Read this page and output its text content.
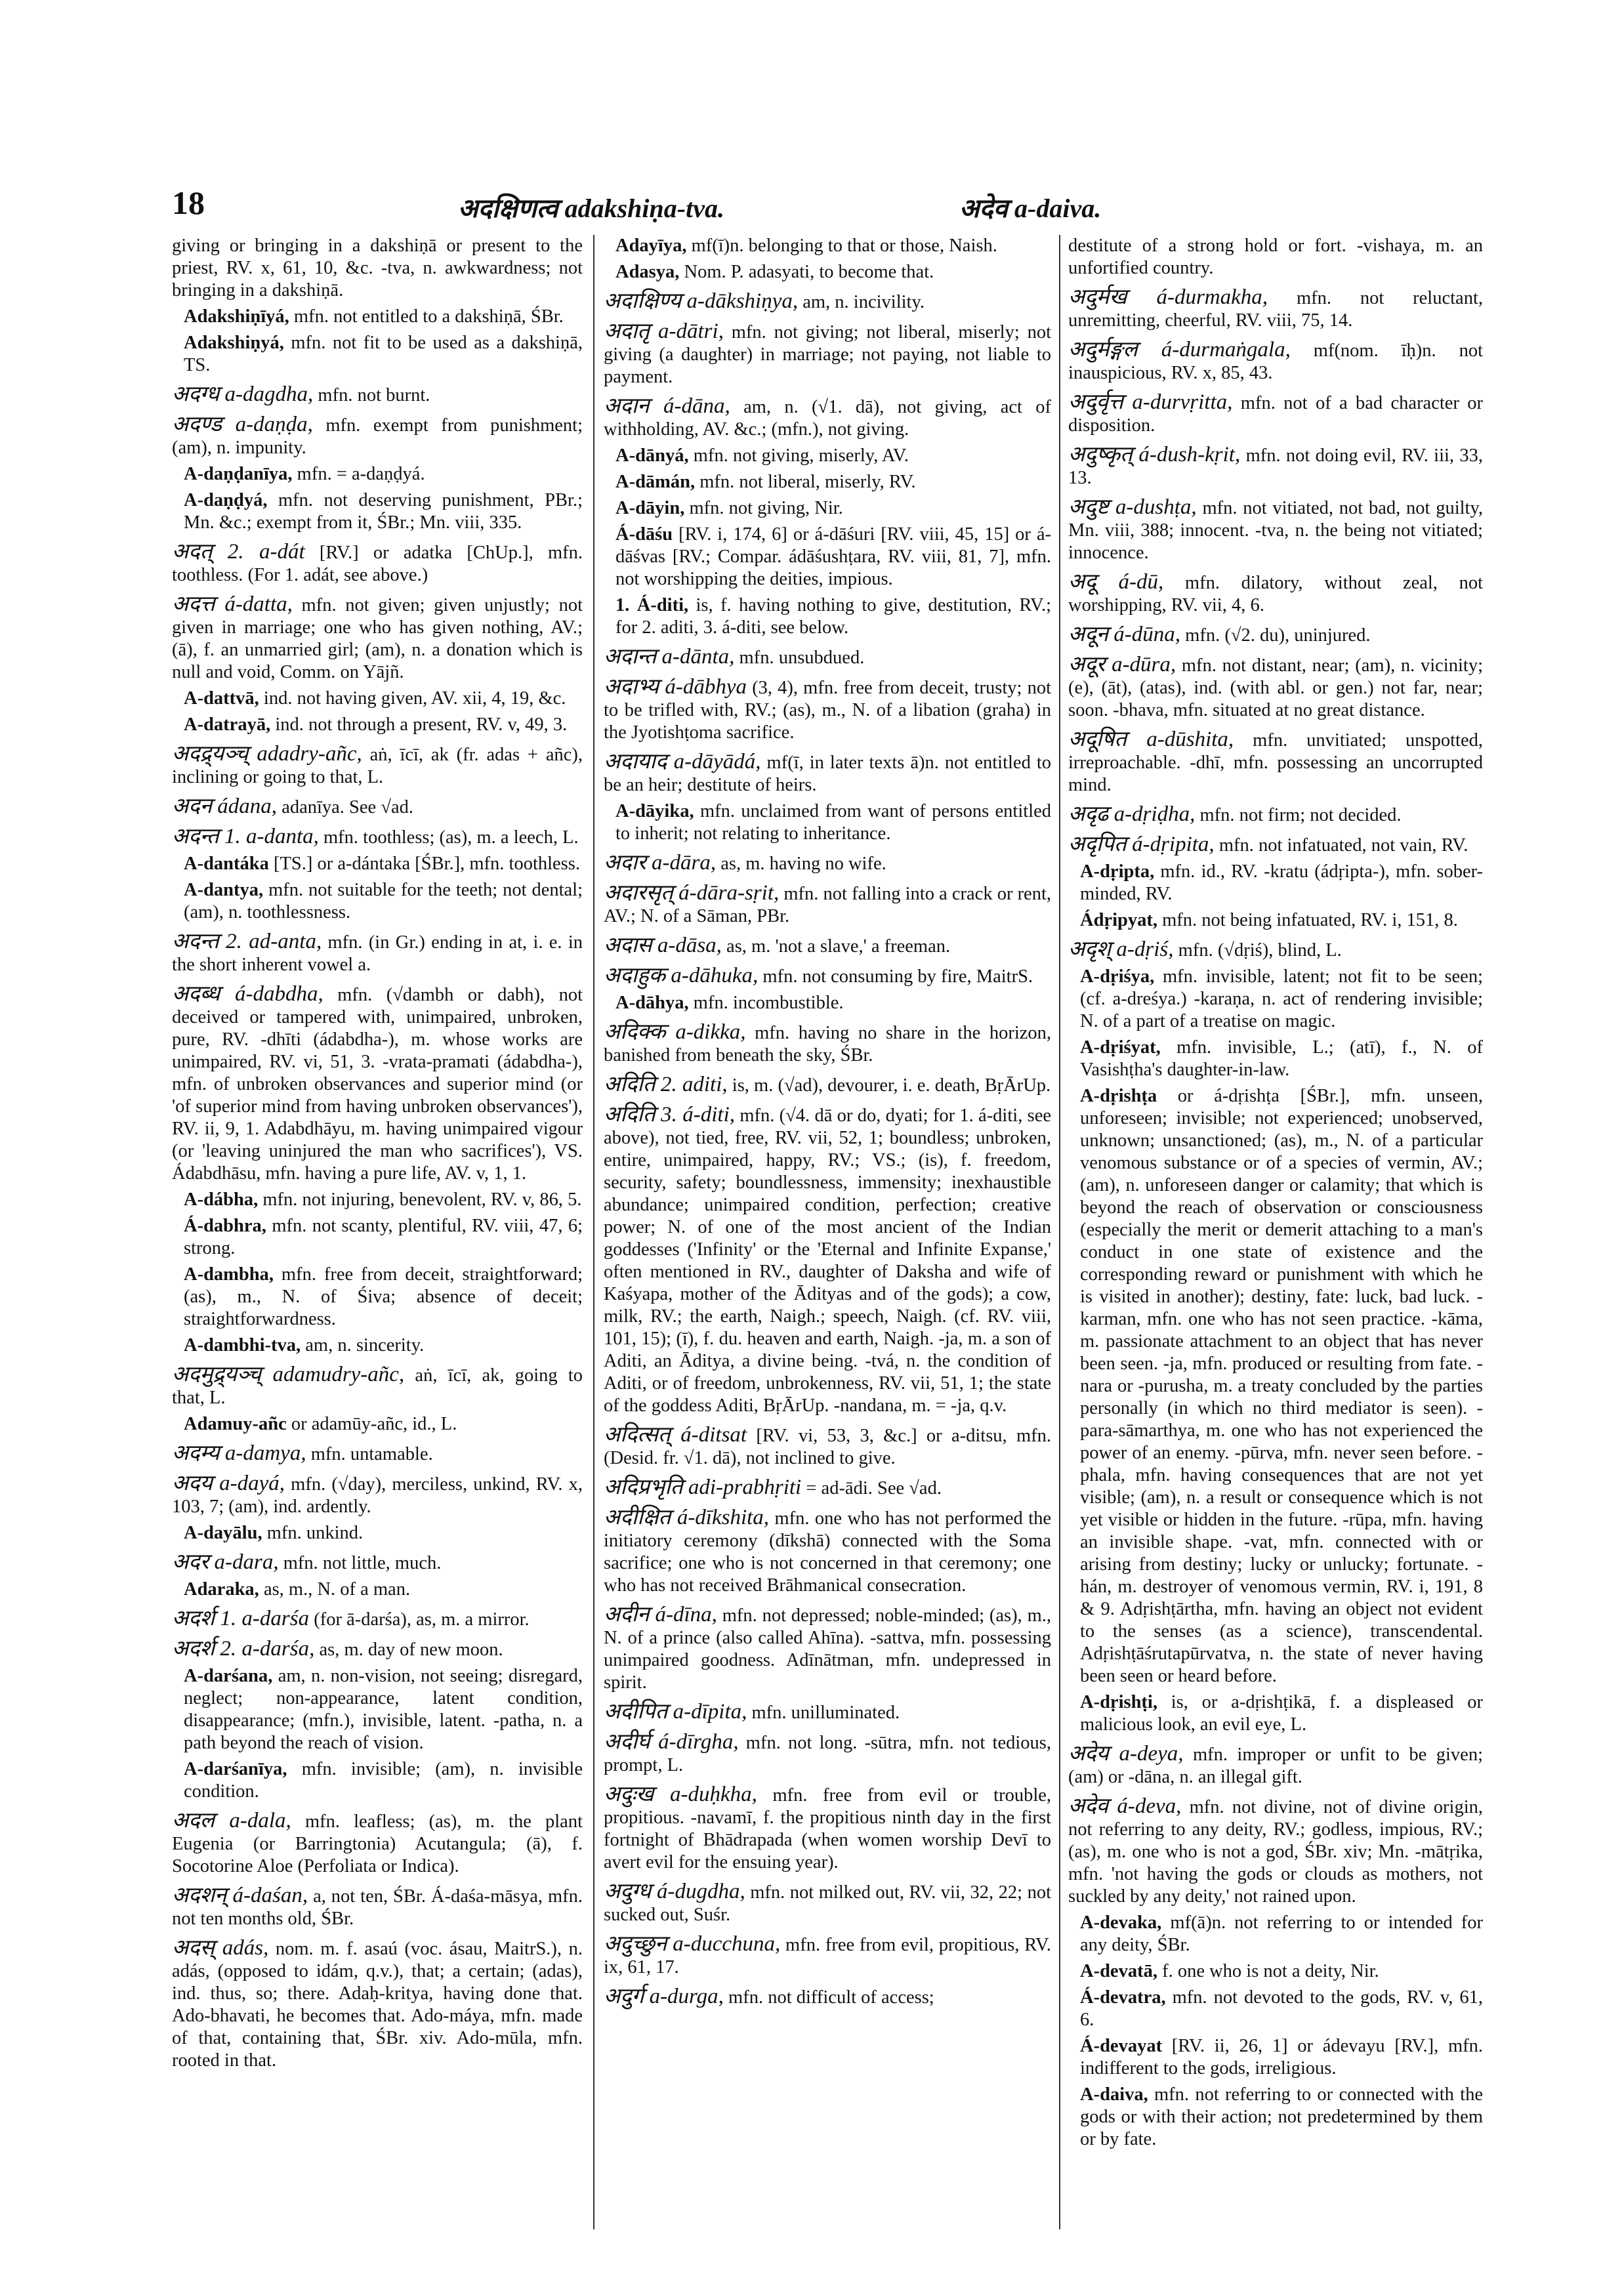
18	अदक्षिणत्व adakshiṇa-tva.	अदेव a-daiva.

giving or bringing in a dakshiṇā or present to the priest, RV. x, 61, 10, &c. -tva, n. awkwardness; not bringing in a dakshiṇā.

Adakshiṇīyá, mfn. not entitled to a dakshiṇā, ŚBr.

Adakshiṇyá, mfn. not fit to be used as a dakshiṇā, TS.

अदग्ध a-dagdha, mfn. not burnt.

अदण्ड a-daṇḍa, mfn. exempt from punishment; (am), n. impunity.

A-daṇḍanīya, mfn. = a-daṇḍyá.

A-daṇḍyá, mfn. not deserving punishment, PBr.; Mn. &c.; exempt from it, ŚBr.; Mn. viii, 335.

अदत् 2. a-dát [RV.] or adatka [ChUp.], mfn. toothless. (For 1. adát, see above.)

अदत्त á-datta, mfn. not given; given unjustly; not given in marriage; one who has given nothing, AV.; (ā), f. an unmarried girl; (am), n. a donation which is null and void, Comm. on Yājñ.

A-dattvā, ind. not having given, AV. xii, 4, 19, &c.

A-datrayā, ind. not through a present, RV. v, 49, 3.

अदद्र्यञ्च् adadry-añc, aṅ, īcī, ak (fr. adas + añc), inclining or going to that, L.

अदन ádana, adanīya. See √ad.

अदन्त 1. a-danta, mfn. toothless; (as), m. a leech, L.

A-dantáka [TS.] or a-dántaka [ŚBr.], mfn. toothless.

A-dantya, mfn. not suitable for the teeth; not dental; (am), n. toothlessness.

अदन्त 2. ad-anta, mfn. (in Gr.) ending in at, i. e. in the short inherent vowel a.

अदब्ध á-dabdha, mfn. (√dambh or dabh), not deceived or tampered with, unimpaired, unbroken, pure, RV. -dhīti (ádabdha-), m. whose works are unimpaired, RV. vi, 51, 3. -vrata-pramati (ádabdha-), mfn. of unbroken observances and superior mind (or 'of superior mind from having unbroken observances'), RV. ii, 9, 1. Adabdhāyu, m. having unimpaired vigour (or 'leaving uninjured the man who sacrifices'), VS. Ádabdhāsu, mfn. having a pure life, AV. v, 1, 1.

A-dábha, mfn. not injuring, benevolent, RV. v, 86, 5.

Á-dabhra, mfn. not scanty, plentiful, RV. viii, 47, 6; strong.

A-dambha, mfn. free from deceit, straightforward; (as), m., N. of Śiva; absence of deceit; straightforwardness.

A-dambhi-tva, am, n. sincerity.

अदमुद्र्यञ्च् adamudry-añc, aṅ, īcī, ak, going to that, L.

Adamuy-añc or adamūy-añc, id., L.

अदम्य a-damya, mfn. untamable.

अदय a-dayá, mfn. (√day), merciless, unkind, RV. x, 103, 7; (am), ind. ardently.

A-dayālu, mfn. unkind.

अदर a-dara, mfn. not little, much.

Adaraka, as, m., N. of a man.

अदर्श 1. a-darśa (for ā-darśa), as, m. a mirror.

अदर्श 2. a-darśa, as, m. day of new moon.

A-darśana, am, n. non-vision, not seeing; disregard, neglect; non-appearance, latent condition, disappearance; (mfn.), invisible, latent. -patha, n. a path beyond the reach of vision.

A-darśanīya, mfn. invisible; (am), n. invisible condition.

अदल a-dala, mfn. leafless; (as), m. the plant Eugenia (or Barringtonia) Acutangula; (ā), f. Socotorine Aloe (Perfoliata or Indica).

अदशन् á-daśan, a, not ten, ŚBr. Á-daśa-māsya, mfn. not ten months old, ŚBr.

अदस् adás, nom. m. f. asaú (voc. ásau, MaitrS.), n. adás, (opposed to idám, q.v.), that; a certain; (adas), ind. thus, so; there. Adaḥ-kritya, having done that. Ado-bhavati, he becomes that. Ado-máya, mfn. made of that, containing that, ŚBr. xiv. Ado-mūla, mfn. rooted in that.

Adayīya, mf(ī)n. belonging to that or those, Naish.

Adasya, Nom. P. adasyati, to become that.

अदाक्षिण्य a-dākshiṇya, am, n. incivility.

अदातृ a-dātri, mfn. not giving; not liberal, miserly; not giving (a daughter) in marriage; not paying, not liable to payment.

अदान á-dāna, am, n. (√1. dā), not giving, act of withholding, AV. &c.; (mfn.), not giving.

A-dānyá, mfn. not giving, miserly, AV.

A-dāmán, mfn. not liberal, miserly, RV.

A-dāyin, mfn. not giving, Nir.

Á-dāśu [RV. i, 174, 6] or á-dāśuri [RV. viii, 45, 15] or á-dāśvas [RV.; Compar. ádāśushṭara, RV. viii, 81, 7], mfn. not worshipping the deities, impious.

1. Á-diti, is, f. having nothing to give, destitution, RV.; for 2. aditi, 3. á-diti, see below.

अदान्त a-dānta, mfn. unsubdued.

अदाभ्य á-dābhya (3, 4), mfn. free from deceit, trusty; not to be trifled with, RV.; (as), m., N. of a libation (graha) in the Jyotishṭoma sacrifice.

अदायाद a-dāyādá, mf(ī, in later texts ā)n. not entitled to be an heir; destitute of heirs.

A-dāyika, mfn. unclaimed from want of persons entitled to inherit; not relating to inheritance.

अदार a-dāra, as, m. having no wife.

अदारसृत् á-dāra-sṛit, mfn. not falling into a crack or rent, AV.; N. of a Sāman, PBr.

अदास a-dāsa, as, m. 'not a slave,' a freeman.

अदाहुक a-dāhuka, mfn. not consuming by fire, MaitrS.

A-dāhya, mfn. incombustible.

अदिक्क a-dikka, mfn. having no share in the horizon, banished from beneath the sky, ŚBr.

अदिति 2. aditi, is, m. (√ad), devourer, i. e. death, BṛĀrUp.

अदिति 3. á-diti, mfn. (√4. dā or do, dyati; for 1. á-diti, see above), not tied, free, RV. vii, 52, 1; boundless; unbroken, entire, unimpaired, happy, RV.; VS.; (is), f. freedom, security, safety; boundlessness, immensity; inexhaustible abundance; unimpaired condition, perfection; creative power; N. of one of the most ancient of the Indian goddesses ('Infinity' or the 'Eternal and Infinite Expanse,' often mentioned in RV., daughter of Daksha and wife of Kaśyapa, mother of the Ādityas and of the gods); a cow, milk, RV.; the earth, Naigh.; speech, Naigh. (cf. RV. viii, 101, 15); (ī), f. du. heaven and earth, Naigh. -ja, m. a son of Aditi, an Āditya, a divine being. -tvá, n. the condition of Aditi, or of freedom, unbrokenness, RV. vii, 51, 1; the state of the goddess Aditi, BṛĀrUp. -nandana, m. = -ja, q.v.

अदित्सत् á-ditsat [RV. vi, 53, 3, &c.] or a-ditsu, mfn. (Desid. fr. √1. dā), not inclined to give.

अदिप्रभृति adi-prabhṛiti = ad-ādi. See √ad.

अदीक्षित á-dīkshita, mfn. one who has not performed the initiatory ceremony (dīkshā) connected with the Soma sacrifice; one who is not concerned in that ceremony; one who has not received Brāhmanical consecration.

अदीन á-dīna, mfn. not depressed; noble-minded; (as), m., N. of a prince (also called Ahīna). -sattva, mfn. possessing unimpaired goodness. Adīnātman, mfn. undepressed in spirit.

अदीपित a-dīpita, mfn. unilluminated.

अदीर्घ á-dīrgha, mfn. not long. -sūtra, mfn. not tedious, prompt, L.

अदुःख a-duḥkha, mfn. free from evil or trouble, propitious. -navamī, f. the propitious ninth day in the first fortnight of Bhādrapada (when women worship Devī to avert evil for the ensuing year).

अदुग्ध á-dugdha, mfn. not milked out, RV. vii, 32, 22; not sucked out, Suśr.

अदुच्छुन a-ducchuna, mfn. free from evil, propitious, RV. ix, 61, 17.

अदुर्ग a-durga, mfn. not difficult of access;

destitute of a strong hold or fort. -vishaya, m. an unfortified country.

अदुर्मख á-durmakha, mfn. not reluctant, unremitting, cheerful, RV. viii, 75, 14.

अदुर्मङ्गल á-durmaṅgala, mf(nom. īḥ)n. not inauspicious, RV. x, 85, 43.

अदुर्वृत्त a-durvṛitta, mfn. not of a bad character or disposition.

अदुष्कृत् á-dush-kṛit, mfn. not doing evil, RV. iii, 33, 13.

अदुष्ट a-dushṭa, mfn. not vitiated, not bad, not guilty, Mn. viii, 388; innocent. -tva, n. the being not vitiated; innocence.

अदू á-dū, mfn. dilatory, without zeal, not worshipping, RV. vii, 4, 6.

अदून á-dūna, mfn. (√2. du), uninjured.

अदूर a-dūra, mfn. not distant, near; (am), n. vicinity; (e), (āt), (atas), ind. (with abl. or gen.) not far, near; soon. -bhava, mfn. situated at no great distance.

अदूषित a-dūshita, mfn. unvitiated; unspotted, irreproachable. -dhī, mfn. possessing an uncorrupted mind.

अदृढ a-dṛiḍha, mfn. not firm; not decided.

अदृपित á-dṛipita, mfn. not infatuated, not vain, RV.

A-dṛipta, mfn. id., RV. -kratu (ádṛipta-), mfn. sober-minded, RV.

Ádṛipyat, mfn. not being infatuated, RV. i, 151, 8.

अदृश् a-dṛiś, mfn. (√dṛiś), blind, L.

A-dṛiśya, mfn. invisible, latent; not fit to be seen; (cf. a-dreśya.) -karaṇa, n. act of rendering invisible; N. of a part of a treatise on magic.

A-dṛiśyat, mfn. invisible, L.; (atī), f., N. of Vasishṭha's daughter-in-law.

A-dṛishṭa or á-dṛishṭa [ŚBr.], mfn. unseen, unforeseen; invisible; not experienced; unobserved, unknown; unsanctioned; (as), m., N. of a particular venomous substance or of a species of vermin, AV.; (am), n. unforeseen danger or calamity; that which is beyond the reach of observation or consciousness (especially the merit or demerit attaching to a man's conduct in one state of existence and the corresponding reward or punishment with which he is visited in another); destiny, fate: luck, bad luck. -karman, mfn. one who has not seen practice. -kāma, m. passionate attachment to an object that has never been seen. -ja, mfn. produced or resulting from fate. -nara or -purusha, m. a treaty concluded by the parties personally (in which no third mediator is seen). -para-sāmarthya, m. one who has not experienced the power of an enemy. -pūrva, mfn. never seen before. -phala, mfn. having consequences that are not yet visible; (am), n. a result or consequence which is not yet visible or hidden in the future. -rūpa, mfn. having an invisible shape. -vat, mfn. connected with or arising from destiny; lucky or unlucky; fortunate. -hán, m. destroyer of venomous vermin, RV. i, 191, 8 & 9. Adṛishṭārtha, mfn. having an object not evident to the senses (as a science), transcendental. Adṛishṭāśrutapūrvatva, n. the state of never having been seen or heard before.

A-dṛishṭi, is, or a-dṛishṭikā, f. a displeased or malicious look, an evil eye, L.

अदेय a-deya, mfn. improper or unfit to be given; (am) or -dāna, n. an illegal gift.

अदेव á-deva, mfn. not divine, not of divine origin, not referring to any deity, RV.; godless, impious, RV.; (as), m. one who is not a god, ŚBr. xiv; Mn. -mātṛika, mfn. 'not having the gods or clouds as mothers, not suckled by any deity,' not rained upon.

A-devaka, mf(ā)n. not referring to or intended for any deity, ŚBr.

A-devatā, f. one who is not a deity, Nir.

Á-devatra, mfn. not devoted to the gods, RV. v, 61, 6.

Á-devayat [RV. ii, 26, 1] or ádevayu [RV.], mfn. indifferent to the gods, irreligious.

A-daiva, mfn. not referring to or connected with the gods or with their action; not predetermined by them or by fate.
